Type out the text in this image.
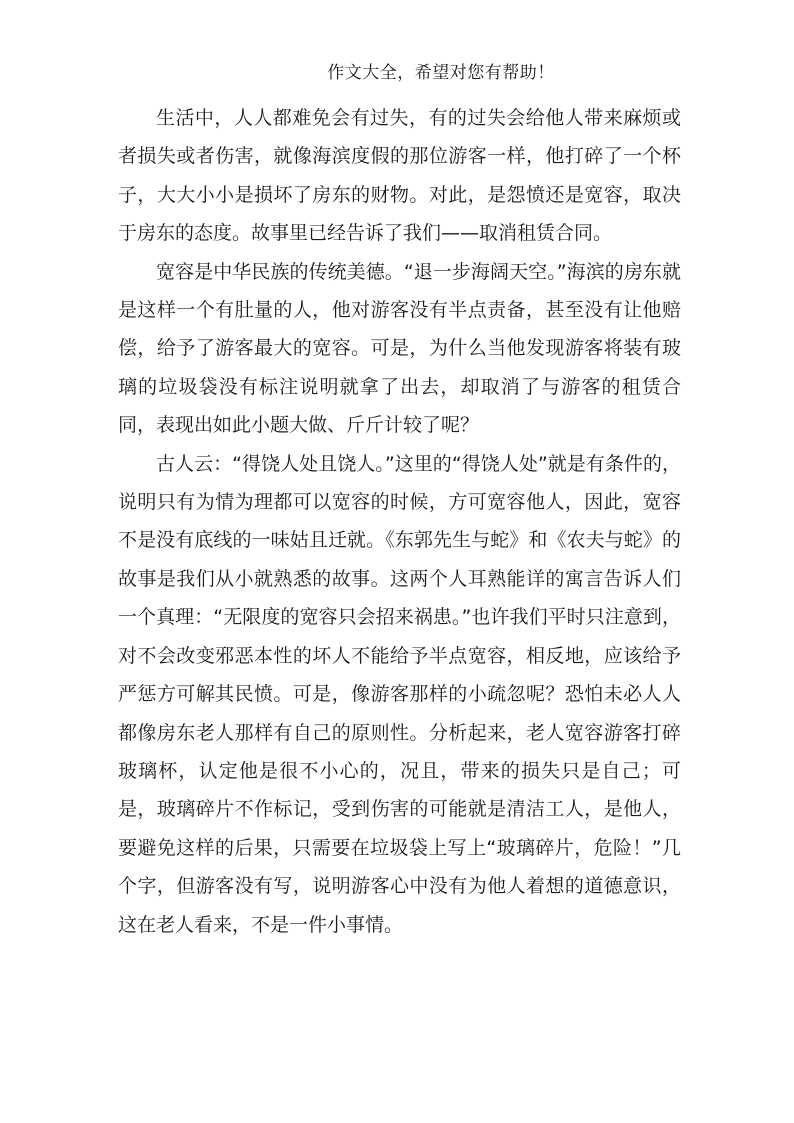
作文大全，希望对您有帮助！

生活中，人人都难免会有过失，有的过失会给他人带来麻烦或者损失或者伤害，就像海滨度假的那位游客一样，他打碎了一个杯子，大大小小是损坏了房东的财物。对此，是怨愤还是宽容，取决于房东的态度。故事里已经告诉了我们——取消租赁合同。

宽容是中华民族的传统美德。“退一步海阔天空。”海滨的房东就是这样一个有肚量的人，他对游客没有半点责备，甚至没有让他赔偿，给予了游客最大的宽容。可是，为什么当他发现游客将装有玻璃的垃圾袋没有标注说明就拿了出去，却取消了与游客的租赁合同，表现出如此小题大做、斤斤计较了呢？

古人云：“得饶人处且饶人。”这里的“得饶人处”就是有条件的，说明只有为情为理都可以宽容的时候，方可宽容他人，因此，宽容不是没有底线的一味姑且迁就。《东郭先生与蛇》和《农夫与蛇》的故事是我们从小就熟悉的故事。这两个人耳熟能详的寓言告诉人们一个真理：“无限度的宽容只会招来祸患。”也许我们平时只注意到，对不会改变邪恶本性的坏人不能给予半点宽容，相反地，应该给予严惩方可解其民愤。可是，像游客那样的小疏忽呢？恐怕未必人人都像房东老人那样有自己的原则性。分析起来，老人宽容游客打碎玻璃杯，认定他是很不小心的，况且，带来的损失只是自己；可是，玻璃碎片不作标记，受到伤害的可能就是清洁工人，是他人，要避免这样的后果，只需要在垃圾袋上写上“玻璃碎片，危险！”几个字，但游客没有写，说明游客心中没有为他人着想的道德意识，这在老人看来，不是一件小事情。
